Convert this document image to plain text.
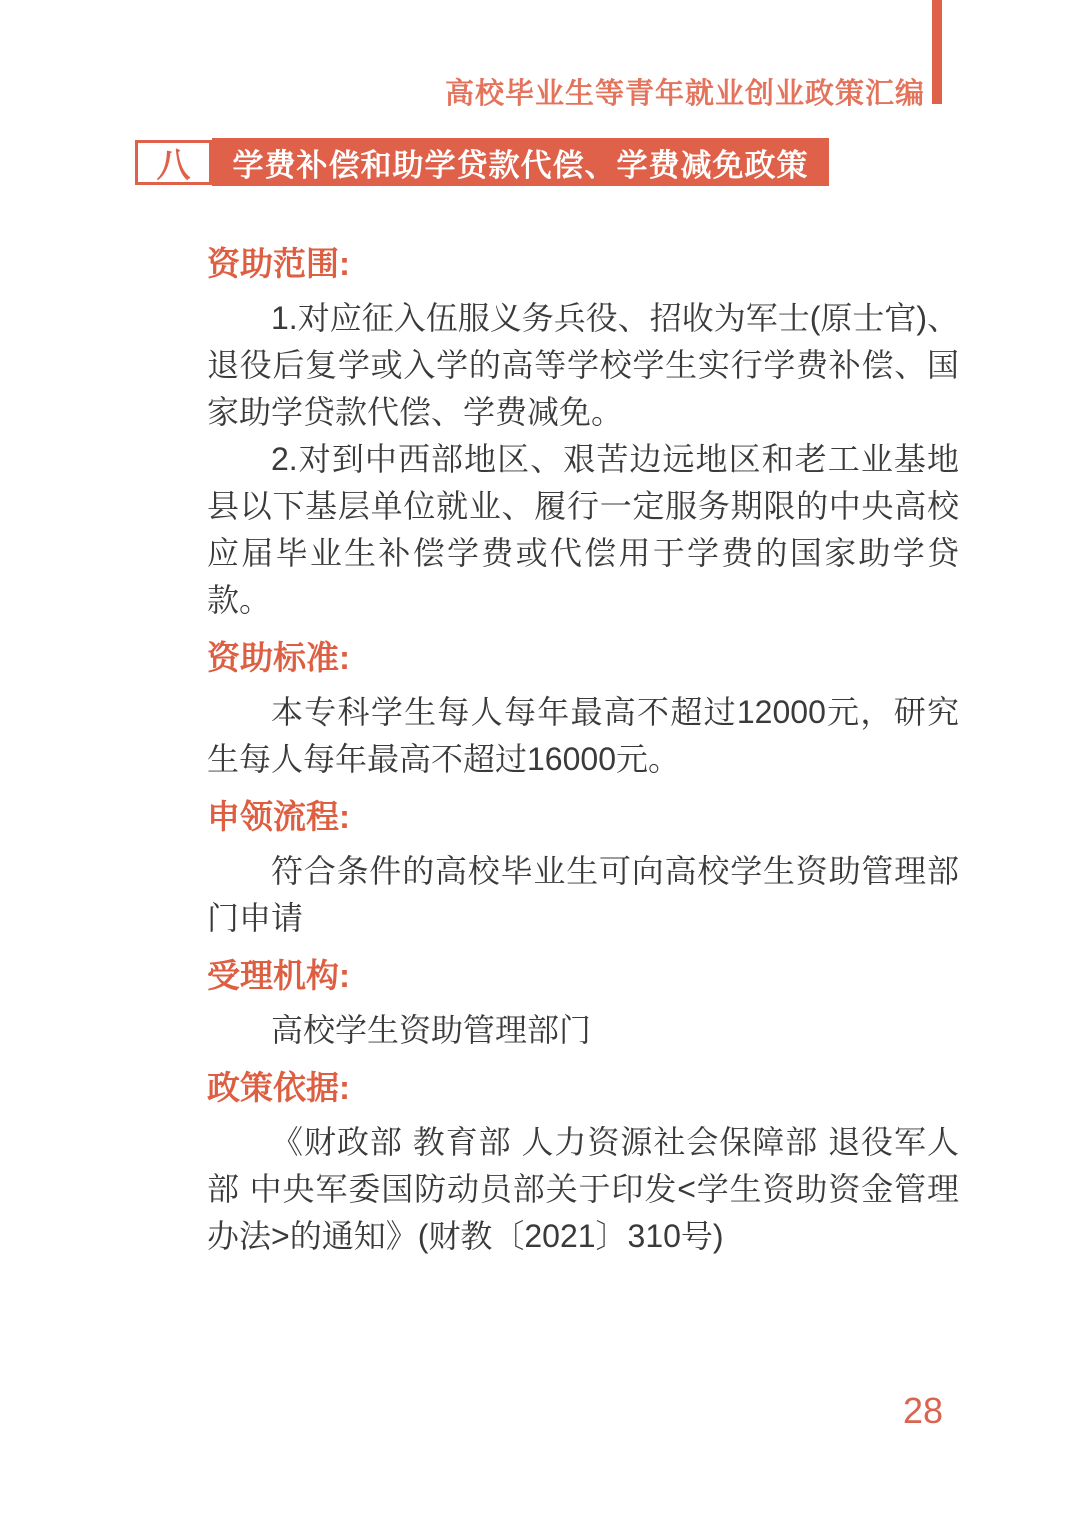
高校毕业生等青年就业创业政策汇编
八 学费补偿和助学贷款代偿、学费减免政策
资助范围:

1.对应征入伍服义务兵役、招收为军士(原士官)、退役后复学或入学的高等学校学生实行学费补偿、国家助学贷款代偿、学费减免。

2.对到中西部地区、艰苦边远地区和老工业基地县以下基层单位就业、履行一定服务期限的中央高校应届毕业生补偿学费或代偿用于学费的国家助学贷款。

资助标准:

本专科学生每人每年最高不超过12000元，研究生每人每年最高不超过16000元。

申领流程:

符合条件的高校毕业生可向高校学生资助管理部门申请

受理机构:

高校学生资助管理部门

政策依据:

《财政部 教育部 人力资源社会保障部 退役军人部 中央军委国防动员部关于印发<学生资助资金管理办法>的通知》(财教〔2021〕310号)

28
